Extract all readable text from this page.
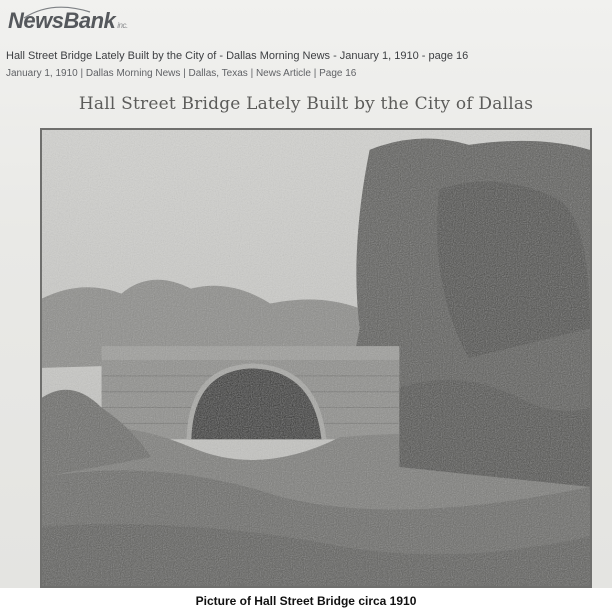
NewsBank inc.
Hall Street Bridge Lately Built by the City of - Dallas Morning News - January 1, 1910 - page 16
January 1, 1910 | Dallas Morning News | Dallas, Texas | News Article | Page 16
Hall Street Bridge Lately Built by the City of Dallas
Picture of Hall Street Bridge circa 1910
